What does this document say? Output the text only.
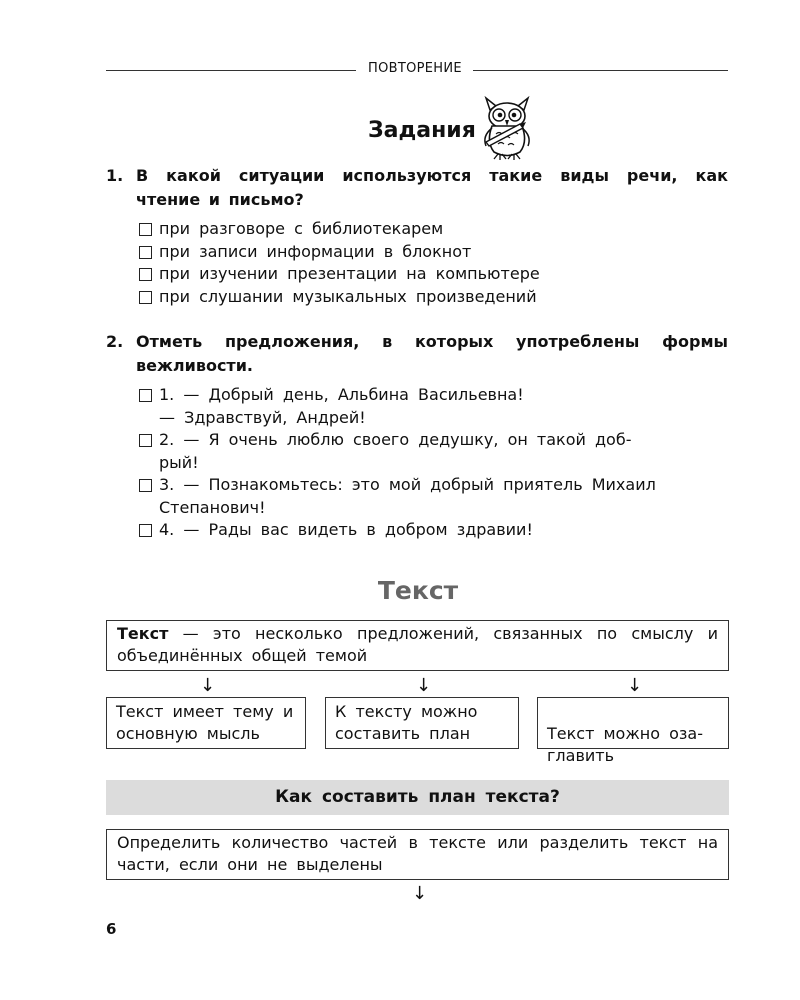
ПОВТОРЕНИЕ
Задания
1. В какой ситуации используются такие виды речи, как чтение и письмо?
при разговоре с библиотекарем
при записи информации в блокнот
при изучении презентации на компьютере
при слушании музыкальных произведений
2. Отметь предложения, в которых употреблены формы вежливости.
1. — Добрый день, Альбина Васильевна!
— Здравствуй, Андрей!
2. — Я очень люблю своего дедушку, он такой доб-
рый!
3. — Познакомьтесь: это мой добрый приятель Михаил
Степанович!
4. — Рады вас видеть в добром здравии!
Текст
Текст — это несколько предложений, связанных по смыслу и объединённых общей темой
↓	↓	↓
Текст имеет тему и основную мысль
К тексту можно составить план	Текст можно оза-
главить

Как составить план текста?
Определить количество частей в тексте или разделить текст на части, если они не выделены
↓
6
